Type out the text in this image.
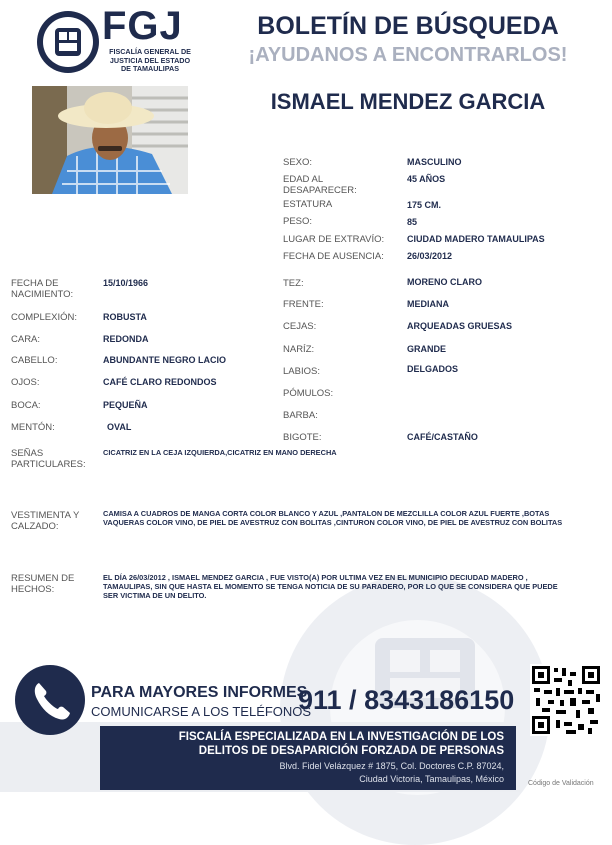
FGJ
FISCALÍA GENERAL DE
JUSTICIA DEL ESTADO
DE TAMAULIPAS
BOLETÍN DE BÚSQUEDA
¡AYUDANOS A ENCONTRARLOS!
ISMAEL MENDEZ GARCIA
SEXO:	MASCULINO
EDAD AL DESAPARECER:
45 AÑOS
ESTATURA	175 CM.
PESO:	85
LUGAR DE EXTRAVÍO:	CIUDAD MADERO TAMAULIPAS
FECHA DE AUSENCIA:	26/03/2012
FECHA DE NACIMIENTO:
15/10/1966
COMPLEXIÓN:	ROBUSTA
CARA:	REDONDA
CABELLO:	ABUNDANTE NEGRO LACIO
OJOS:	CAFÉ CLARO REDONDOS
BOCA:	PEQUEÑA
MENTÓN:	OVAL
TEZ:	MORENO CLARO
FRENTE:	MEDIANA
CEJAS:	ARQUEADAS GRUESAS
NARÍZ:	GRANDE
LABIOS:	DELGADOS
PÓMULOS:
BARBA:
BIGOTE:	CAFÉ/CASTAÑO
SEÑAS PARTICULARES:
CICATRIZ EN LA CEJA IZQUIERDA,CICATRIZ EN MANO DERECHA
VESTIMENTA Y CALZADO:
CAMISA A CUADROS DE MANGA CORTA COLOR BLANCO Y AZUL ,PANTALON DE MEZCLILLA COLOR AZUL FUERTE ,BOTAS VAQUERAS COLOR VINO, DE PIEL DE AVESTRUZ CON BOLITAS ,CINTURON COLOR VINO, DE PIEL DE AVESTRUZ CON BOLITAS
RESUMEN DE HECHOS:
EL DÍA 26/03/2012 , ISMAEL MENDEZ GARCIA , FUE VISTO(A) POR ULTIMA VEZ EN EL MUNICIPIO DECIUDAD MADERO , TAMAULIPAS, SIN QUE HASTA EL MOMENTO SE TENGA NOTICIA DE SU PARADERO, POR LO QUE SE CONSIDERA QUE PUEDE SER VICTIMA DE UN DELITO.
PARA MAYORES INFORMES,
COMUNICARSE A LOS TELÉFONOS
911 / 8343186150
FISCALÍA ESPECIALIZADA EN LA INVESTIGACIÓN DE LOS
DELITOS DE DESAPARICIÓN FORZADA DE PERSONAS
Blvd. Fidel Velázquez # 1875, Col. Doctores C.P. 87024,
Ciudad Victoria, Tamaulipas, México	Código de Validación
